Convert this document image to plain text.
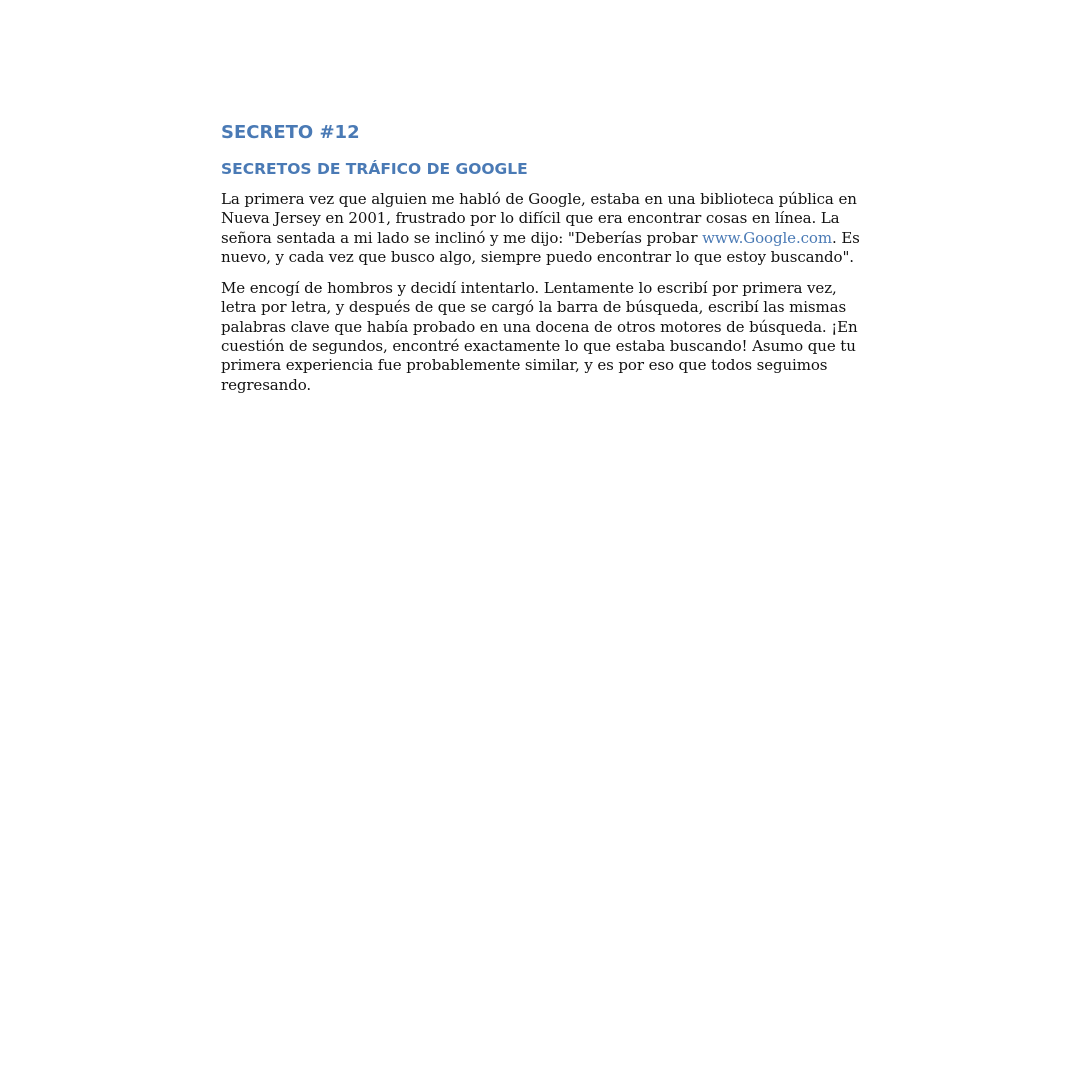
SECRETO #12
SECRETOS DE TRÁFICO DE GOOGLE

La primera vez que alguien me habló de Google, estaba en una biblioteca pública en Nueva Jersey en 2001, frustrado por lo difícil que era encontrar cosas en línea. La señora sentada a mi lado se inclinó y me dijo: "Deberías probar www.Google.com. Es nuevo, y cada vez que busco algo, siempre puedo encontrar lo que estoy buscando".

Me encogí de hombros y decidí intentarlo. Lentamente lo escribí por primera vez, letra por letra, y después de que se cargó la barra de búsqueda, escribí las mismas palabras clave que había probado en una docena de otros motores de búsqueda. ¡En cuestión de segundos, encontré exactamente lo que estaba buscando! Asumo que tu primera experiencia fue probablemente similar, y es por eso que todos seguimos regresando.
